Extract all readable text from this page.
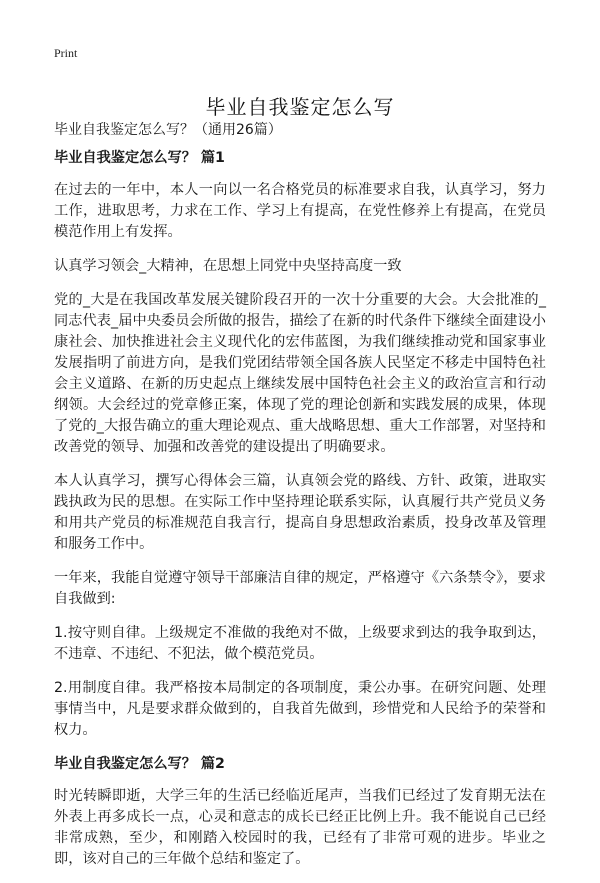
Print
毕业自我鉴定怎么写
毕业自我鉴定怎么写？（通用26篇）
毕业自我鉴定怎么写？ 篇1

在过去的一年中，本人一向以一名合格党员的标准要求自我，认真学习，努力工作，进取思考，力求在工作、学习上有提高，在党性修养上有提高，在党员模范作用上有发挥。

认真学习领会_大精神，在思想上同党中央坚持高度一致

党的_大是在我国改革发展关键阶段召开的一次十分重要的大会。大会批准的_同志代表_届中央委员会所做的报告，描绘了在新的时代条件下继续全面建设小康社会、加快推进社会主义现代化的宏伟蓝图，为我们继续推动党和国家事业发展指明了前进方向，是我们党团结带领全国各族人民坚定不移走中国特色社会主义道路、在新的历史起点上继续发展中国特色社会主义的政治宣言和行动纲领。大会经过的党章修正案，体现了党的理论创新和实践发展的成果，体现了党的_大报告确立的重大理论观点、重大战略思想、重大工作部署，对坚持和改善党的领导、加强和改善党的建设提出了明确要求。

本人认真学习，撰写心得体会三篇，认真领会党的路线、方针、政策，进取实践执政为民的思想。在实际工作中坚持理论联系实际，认真履行共产党员义务和用共产党员的标准规范自我言行，提高自身思想政治素质，投身改革及管理和服务工作中。

一年来，我能自觉遵守领导干部廉洁自律的规定，严格遵守《六条禁令》，要求自我做到:

1.按守则自律。上级规定不准做的我绝对不做，上级要求到达的我争取到达，不违章、不违纪、不犯法，做个模范党员。

2.用制度自律。我严格按本局制定的各项制度，秉公办事。在研究问题、处理事情当中，凡是要求群众做到的，自我首先做到，珍惜党和人民给予的荣誉和权力。

毕业自我鉴定怎么写？ 篇2

时光转瞬即逝，大学三年的生活已经临近尾声，当我们已经过了发育期无法在外表上再多成长一点，心灵和意志的成长已经正比例上升。我不能说自己已经非常成熟，至少，和刚踏入校园时的我，已经有了非常可观的进步。毕业之即，该对自己的三年做个总结和鉴定了。
